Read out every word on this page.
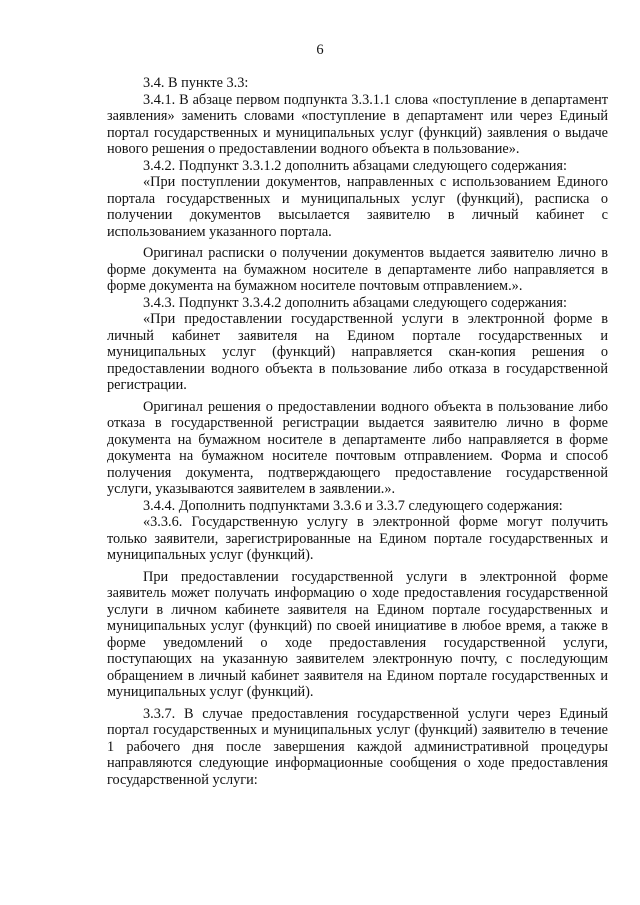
6

3.4. В пункте 3.3:

3.4.1. В абзаце первом подпункта 3.3.1.1 слова «поступление в департамент заявления» заменить словами «поступление в департамент или через Единый портал государственных и муниципальных услуг (функций) заявления о выдаче нового решения о предоставлении водного объекта в пользование».

3.4.2. Подпункт 3.3.1.2 дополнить абзацами следующего содержания:

«При поступлении документов, направленных с использованием Единого портала государственных и муниципальных услуг (функций), расписка о получении документов высылается заявителю в личный кабинет с использованием указанного портала.

Оригинал расписки о получении документов выдается заявителю лично в форме документа на бумажном носителе в департаменте либо направляется в форме документа на бумажном носителе почтовым отправлением.».

3.4.3. Подпункт 3.3.4.2 дополнить абзацами следующего содержания:

«При предоставлении государственной услуги в электронной форме в личный кабинет заявителя на Едином портале государственных и муниципальных услуг (функций) направляется скан-копия решения о предоставлении водного объекта в пользование либо отказа в государственной регистрации.

Оригинал решения о предоставлении водного объекта в пользование либо отказа в государственной регистрации выдается заявителю лично в форме документа на бумажном носителе в департаменте либо направляется в форме документа на бумажном носителе почтовым отправлением. Форма и способ получения документа, подтверждающего предоставление государственной услуги, указываются заявителем в заявлении.».

3.4.4. Дополнить подпунктами 3.3.6 и 3.3.7 следующего содержания:

«3.3.6. Государственную услугу в электронной форме могут получить только заявители, зарегистрированные на Едином портале государственных и муниципальных услуг (функций).

При предоставлении государственной услуги в электронной форме заявитель может получать информацию о ходе предоставления государственной услуги в личном кабинете заявителя на Едином портале государственных и муниципальных услуг (функций) по своей инициативе в любое время, а также в форме уведомлений о ходе предоставления государственной услуги, поступающих на указанную заявителем электронную почту, с последующим обращением в личный кабинет заявителя на Едином портале государственных и муниципальных услуг (функций).

3.3.7. В случае предоставления государственной услуги через Единый портал государственных и муниципальных услуг (функций) заявителю в течение 1 рабочего дня после завершения каждой административной процедуры направляются следующие информационные сообщения о ходе предоставления государственной услуги:
